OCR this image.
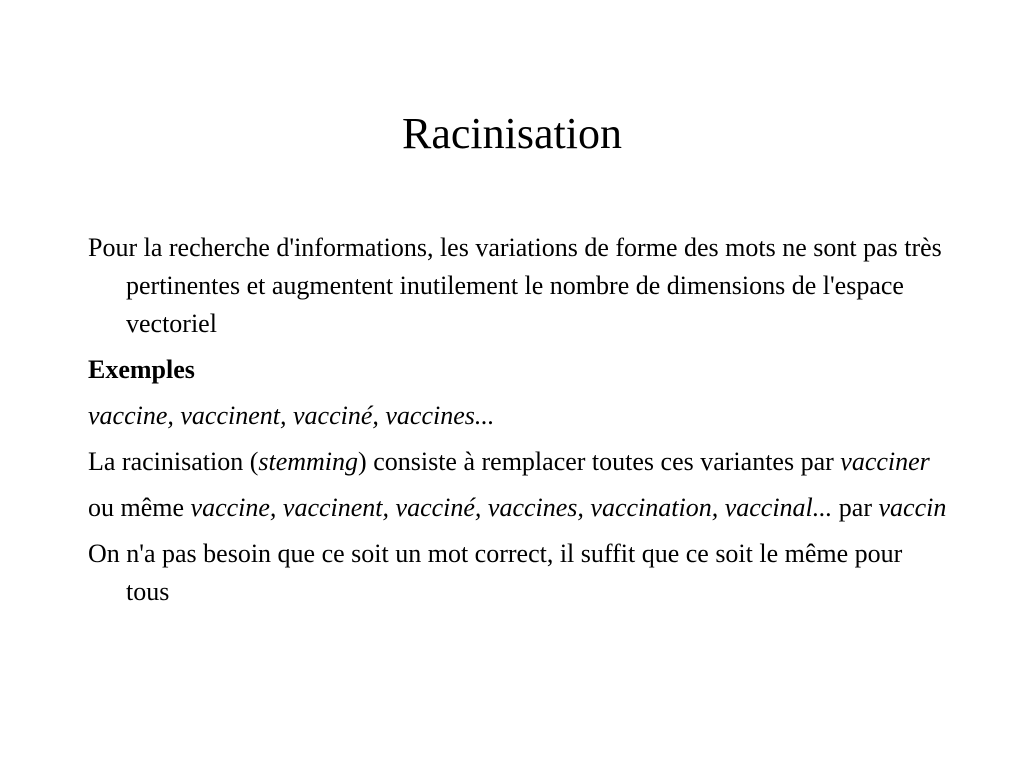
Racinisation

Pour la recherche d'informations, les variations de forme des mots ne sont pas très pertinentes et augmentent inutilement le nombre de dimensions de l'espace vectoriel

Exemples

vaccine, vaccinent, vacciné, vaccines...

La racinisation (stemming) consiste à remplacer toutes ces variantes par vacciner

ou même vaccine, vaccinent, vacciné, vaccines, vaccination, vaccinal... par vaccin

On n'a pas besoin que ce soit un mot correct, il suffit que ce soit le même pour tous
